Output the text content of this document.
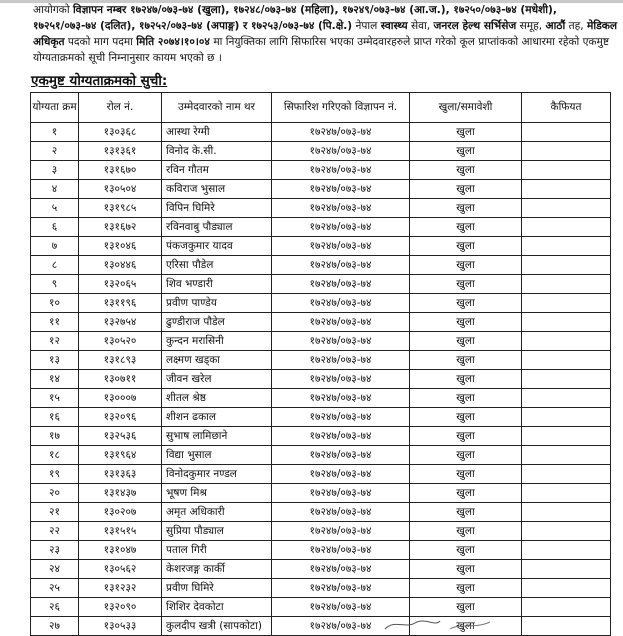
आयोगको विज्ञापन नम्बर १७२४७/०७३-७४ (खुला), १७२४८/०७३-७४ (महिला), १७२४९/०७३-७४ (आ.ज.), १७२५०/०७३-७४ (मधेशी), १७२५१/०७३-७४ (दलित), १७२५२/०७३-७४ (अपाङ्ग) र १७२५३/०७३-७४ (पि.क्षे.) नेपाल स्वास्थ्य सेवा, जनरल हेल्थ सर्भिसेज समूह, आठौं तह, मेडिकल अधिकृत पदको माग पदमा मिति २०७४।१०।०४ मा नियुक्तिका लागि सिफारिस भएका उम्मेदवारहरुले प्राप्त गरेको कूल प्राप्तांकको आधारमा रहेको एकमुष्ट योग्यताक्रमको सूची निम्नानुसार कायम भएको छ ।
एकमुष्ट योग्यताक्रमको सुची:
योग्यता क्रम	रोल नं.	उम्मेदवारको नाम थर	सिफारिश गरिएको विज्ञापन नं.	खुला/समावेशी	कैफियत
१	१३०३६८	आस्था रेग्मी	१७२४७/०७३-७४	खुला	
२	१३१३६१	विनोद के.सी.	१७२४७/०७३-७४	खुला	
३	१३१६७०	रविन गौतम	१७२४७/०७३-७४	खुला	
४	१३०५०४	कविराज भुसाल	१७२४७/०७३-७४	खुला	
५	१३१९८५	विपिन घिमिरे	१७२४७/०७३-७४	खुला	
६	१३१६७२	रविनवाबु पौड्याल	१७२४७/०७३-७४	खुला	
७	१३१०४६	पंकजकुमार यादव	१७२४७/०७३-७४	खुला	
८	१३०४४६	एरिसा पौडेल	१७२४७/०७३-७४	खुला	
९	१३२०६५	शिव भण्डारी	१७२४७/०७३-७४	खुला	
१०	१३११९६	प्रवीण पाण्डेय	१७२४७/०७३-७४	खुला	
११	१३२७५४	ढुण्डीराज पौडेल	१७२४७/०७३-७४	खुला	
१२	१३०५२०	कुन्दन मरासिनी	१७२४७/०७३-७४	खुला	
१३	१३१८९३	लक्ष्मण खड्का	१७२४७/०७३-७४	खुला	
१४	१३०७११	जीवन खरेल	१७२४७/०७३-७४	खुला	
१५	१३०००७	शीतल श्रेष्ठ	१७२४७/०७३-७४	खुला	
१६	१३२०९६	शीशन ढकाल	१७२४७/०७३-७४	खुला	
१७	१३२५३६	सुभाष लामिछाने	१७२४७/०७३-७४	खुला	
१८	१३१९६४	विद्या भुसाल	१७२४७/०७३-७४	खुला	
१९	१३१३६३	विनोदकुमार नण्डल	१७२४७/०७३-७४	खुला	
२०	१३१४३७	भूषण मिश्र	१७२४७/०७३-७४	खुला	
२१	१३०२०७	अमृत अधिकारी	१७२४७/०७३-७४	खुला	
२२	१३१५१५	सुप्रिया पौड्याल	१७२४७/०७३-७४	खुला	
२३	१३१०४७	पताल गिरी	१७२४७/०७३-७४	खुला	
२४	१३०५६२	केशरजङ्ग कार्की	१७२४७/०७३-७४	खुला	
२५	१३१२३२	प्रवीण घिमिरे	१७२४७/०७३-७४	खुला	
२६	१३२०९०	शिशिर देवकोटा	१७२४७/०७३-७४	खुला	
२७	१३०५३३	कुलदीप खत्री (सापकोटा)	१७२४७/०७३-७४	खुला	
